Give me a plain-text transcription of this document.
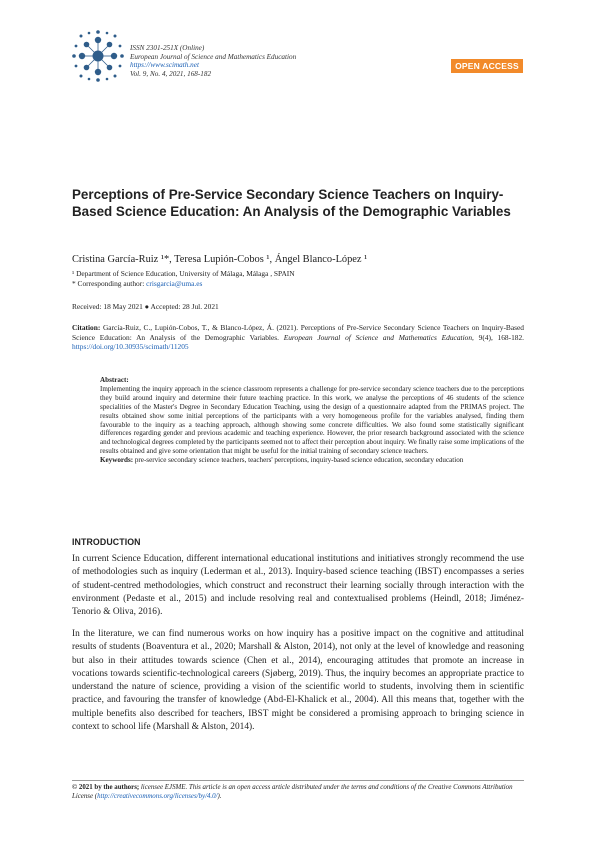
ISSN 2301-251X (Online)
European Journal of Science and Mathematics Education
https://www.scimath.net
Vol. 9, No. 4, 2021, 168-182
OPEN ACCESS
Perceptions of Pre-Service Secondary Science Teachers on Inquiry-Based Science Education: An Analysis of the Demographic Variables
Cristina García-Ruiz ¹*, Teresa Lupión-Cobos ¹, Ángel Blanco-López ¹
¹ Department of Science Education, University of Málaga, Málaga , SPAIN
* Corresponding author: crisgarcia@uma.es
Received: 18 May 2021 ● Accepted: 28 Jul. 2021
Citation: García-Ruiz, C., Lupión-Cobos, T., & Blanco-López, Á. (2021). Perceptions of Pre-Service Secondary Science Teachers on Inquiry-Based Science Education: An Analysis of the Demographic Variables. European Journal of Science and Mathematics Education, 9(4), 168-182. https://doi.org/10.30935/scimath/11205
Abstract:
Implementing the inquiry approach in the science classroom represents a challenge for pre-service secondary science teachers due to the perceptions they build around inquiry and determine their future teaching practice. In this work, we analyse the perceptions of 46 students of the science specialities of the Master's Degree in Secondary Education Teaching, using the design of a questionnaire adapted from the PRIMAS project. The results obtained show some initial perceptions of the participants with a very homogeneous profile for the variables analysed, finding them favourable to the inquiry as a teaching approach, although showing some concrete difficulties. We also found some statistically significant differences regarding gender and previous academic and teaching experience. However, the prior research background associated with the science and technological degrees completed by the participants seemed not to affect their perception about inquiry. We finally raise some implications of the results obtained and give some orientation that might be useful for the initial training of secondary science teachers.
Keywords: pre-service secondary science teachers, teachers' perceptions, inquiry-based science education, secondary education
INTRODUCTION
In current Science Education, different international educational institutions and initiatives strongly recommend the use of methodologies such as inquiry (Lederman et al., 2013). Inquiry-based science teaching (IBST) encompasses a series of student-centred methodologies, which construct and reconstruct their learning socially through interaction with the environment (Pedaste et al., 2015) and include resolving real and contextualised problems (Heindl, 2018; Jiménez-Tenorio & Oliva, 2016).
In the literature, we can find numerous works on how inquiry has a positive impact on the cognitive and attitudinal results of students (Boaventura et al., 2020; Marshall & Alston, 2014), not only at the level of knowledge and reasoning but also in their attitudes towards science (Chen et al., 2014), encouraging attitudes that promote an increase in vocations towards scientific-technological careers (Sjøberg, 2019). Thus, the inquiry becomes an appropriate practice to understand the nature of science, providing a vision of the scientific world to students, involving them in scientific practice, and favouring the transfer of knowledge (Abd-El-Khalick et al., 2004). All this means that, together with the multiple benefits also described for teachers, IBST might be considered a promising approach to bringing science in context to school life (Marshall & Alston, 2014).
© 2021 by the authors; licensee EJSME. This article is an open access article distributed under the terms and conditions of the Creative Commons Attribution License (http://creativecommons.org/licenses/by/4.0/).
